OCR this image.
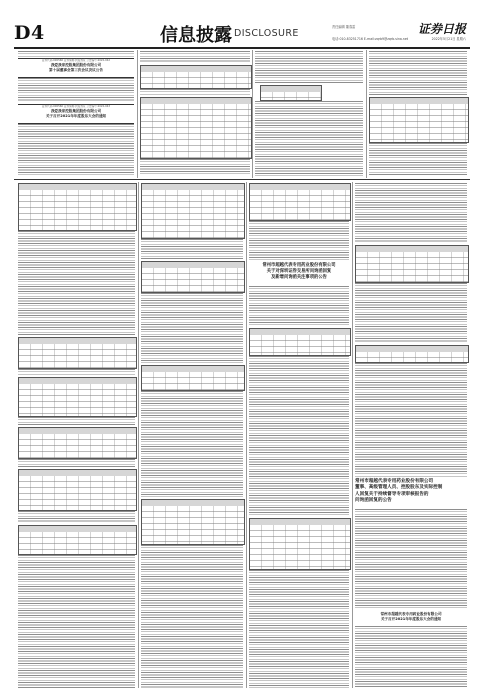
D4	信息披露 DISCLOSURE
责任编辑 董春雷
电话:010-83251716 E-mail:zqrb9@zqrb.sina.net
证券日报
2022年5月21日 星期六
证券代码:000560 证券简称:我爱我家 公告编号:2022-042
我爱我家控股集团股份有限公司
第十届董事会第三次会议决议公告
证券代码:000560 证券简称:我爱我家 公告编号:2022-043
我爱我家控股集团股份有限公司
关于召开2021年年度股东大会的通知
常州市超越代表专用药业股份有限公司
关于对深圳证券交易所问询函回复
及新增问询函关注事项的公告
常州市超越代表专用药业股份有限公司
董事、高级管理人员、控股股东及实际控制
人回复关于持续督导专项审核报告的
问询函回复的公告
常州市超越代表专用药业股份有限公司
关于召开2021年年度股东大会的通知
